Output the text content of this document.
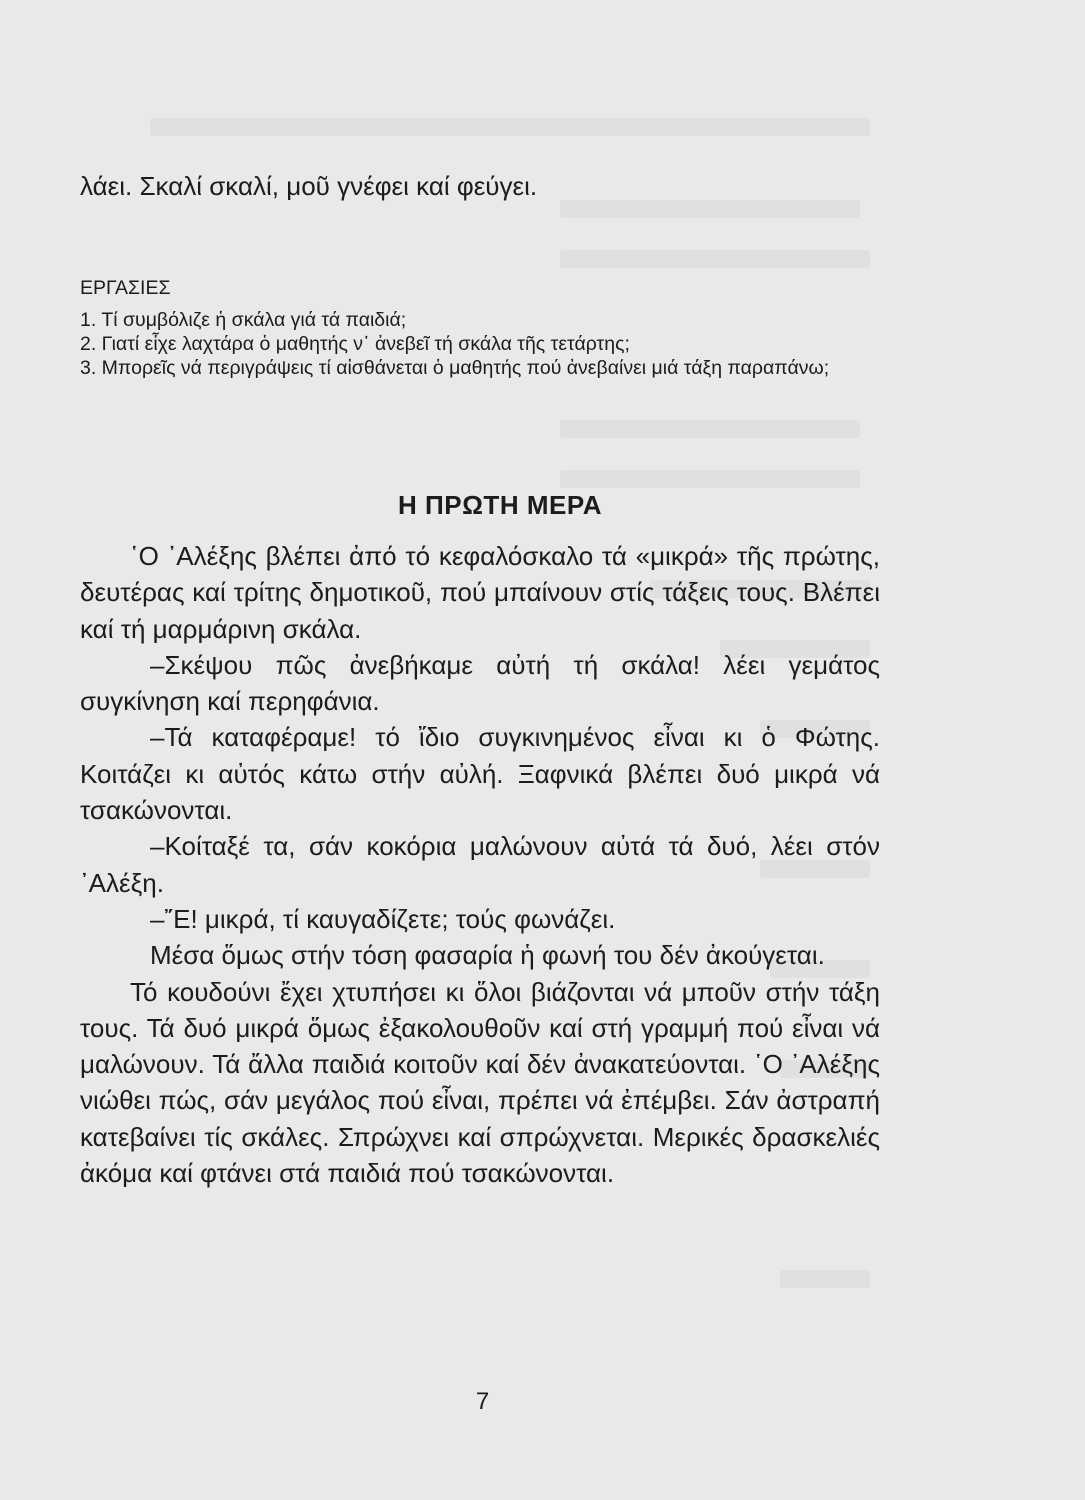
λάει. Σκαλί σκαλί, μοῦ γνέφει καί φεύγει.

ΕΡΓΑΣΙΕΣ

1. Τί συμβόλιζε ἡ σκάλα γιά τά παιδιά;
2. Γιατί εἶχε λαχτάρα ὁ μαθητής ν᾿ ἀνεβεῖ τή σκάλα τῆς τετάρτης;
3. Μπορεῖς νά περιγράψεις τί αἰσθάνεται ὁ μαθητής πού ἀνεβαίνει μιά τάξη παραπάνω;
Η ΠΡΩΤΗ ΜΕΡΑ

῾Ο ᾿Αλέξης βλέπει ἀπό τό κεφαλόσκαλο τά «μικρά» τῆς πρώτης, δευτέρας καί τρίτης δημοτικοῦ, πού μπαίνουν στίς τάξεις τους. Βλέπει καί τή μαρμάρινη σκάλα.

–Σκέψου πῶς ἀνεβήκαμε αὐτή τή σκάλα! λέει γεμάτος συγκίνηση καί περηφάνια.

–Τά καταφέραμε! τό ἴδιο συγκινημένος εἶναι κι ὁ Φώτης. Κοιτάζει κι αὐτός κάτω στήν αὐλή. Ξαφνικά βλέπει δυό μικρά νά τσακώνονται.

–Κοίταξέ τα, σάν κοκόρια μαλώνουν αὐτά τά δυό, λέει στόν ᾿Αλέξη.

–῎Ε! μικρά, τί καυγαδίζετε; τούς φωνάζει.

Μέσα ὅμως στήν τόση φασαρία ἡ φωνή του δέν ἀκούγεται.

Τό κουδούνι ἔχει χτυπήσει κι ὅλοι βιάζονται νά μποῦν στήν τάξη τους. Τά δυό μικρά ὅμως ἐξακολουθοῦν καί στή γραμμή πού εἶναι νά μαλώνουν. Τά ἄλλα παιδιά κοιτοῦν καί δέν ἀνακατεύονται. ῾Ο ᾿Αλέξης νιώθει πώς, σάν μεγάλος πού εἶναι, πρέπει νά ἐπέμβει. Σάν ἀστραπή κατεβαίνει τίς σκάλες. Σπρώχνει καί σπρώχνεται. Μερικές δρασκελιές ἀκόμα καί φτάνει στά παιδιά πού τσακώνονται.

7
